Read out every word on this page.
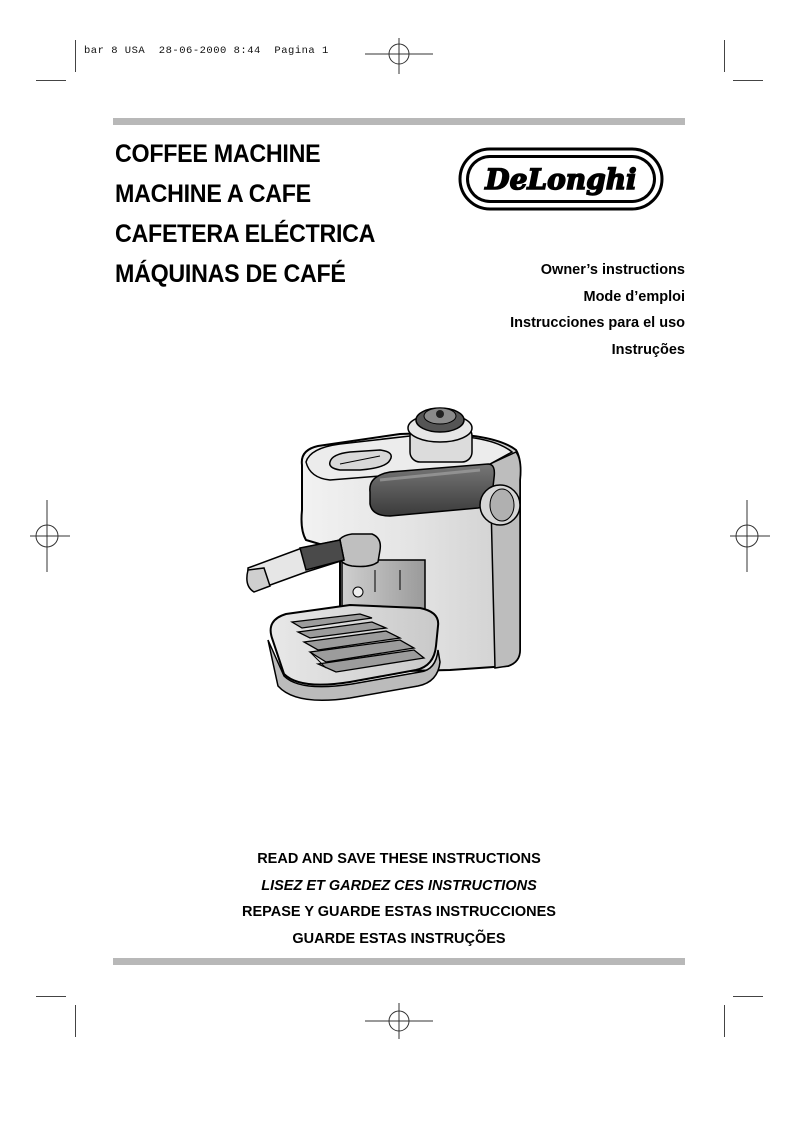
bar 8 USA  28-06-2000 8:44  Pagina 1
COFFEE MACHINE
MACHINE A CAFE
CAFETERA ELÉCTRICA
MÁQUINAS DE CAFÉ
DeLonghi
Owner’s instructions
Mode d’emploi
Instrucciones para el uso
Instruções
READ AND SAVE THESE INSTRUCTIONS
LISEZ ET GARDEZ CES INSTRUCTIONS
REPASE Y GUARDE ESTAS INSTRUCCIONES
GUARDE ESTAS INSTRUÇÕES
